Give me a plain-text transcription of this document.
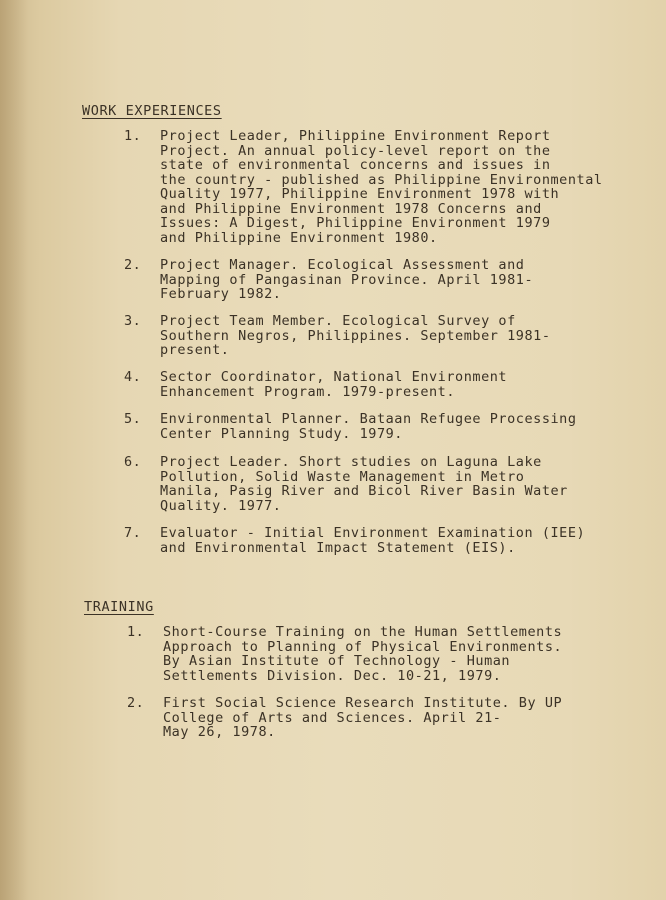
WORK EXPERIENCES
1.	Project Leader, Philippine Environment Report
Project. An annual policy-level report on the
state of environmental concerns and issues in
the country - published as Philippine Environmental
Quality 1977, Philippine Environment 1978 with
and Philippine Environment 1978 Concerns and
Issues: A Digest, Philippine Environment 1979
and Philippine Environment 1980.
2.	Project Manager. Ecological Assessment and
Mapping of Pangasinan Province. April 1981-
February 1982.
3.	Project Team Member. Ecological Survey of
Southern Negros, Philippines. September 1981-
present.
4.	Sector Coordinator, National Environment
Enhancement Program. 1979-present.
5.	Environmental Planner. Bataan Refugee Processing
Center Planning Study. 1979.
6.	Project Leader. Short studies on Laguna Lake
Pollution, Solid Waste Management in Metro
Manila, Pasig River and Bicol River Basin Water
Quality. 1977.
7.	Evaluator - Initial Environment Examination (IEE)
and Environmental Impact Statement (EIS).
TRAINING
1.	Short-Course Training on the Human Settlements
Approach to Planning of Physical Environments.
By Asian Institute of Technology - Human
Settlements Division. Dec. 10-21, 1979.
2.	First Social Science Research Institute. By UP
College of Arts and Sciences. April 21-
May 26, 1978.
